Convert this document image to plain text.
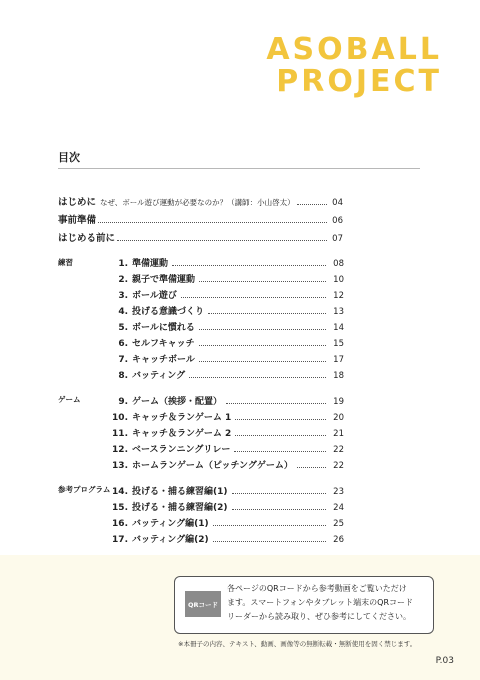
ASOBALL
PROJECT
目次
はじめに なぜ、ボール遊び運動が必要なのか？（講師：小山啓太）	04
事前準備	06
はじめる前に	07
練習	1. 準備運動	08
2. 親子で準備運動	10
3. ボール遊び	12
4. 投げる意識づくり	13
5. ボールに慣れる	14
6. セルフキャッチ	15
7. キャッチボール	17
8. バッティング	18
ゲーム	9. ゲーム（挨拶・配置）	19
10. キャッチ＆ランゲーム 1	20
11. キャッチ＆ランゲーム 2	21
12. ベースランニングリレー	22
13. ホームランゲーム（ピッチングゲーム）	22
参考プログラム 14. 投げる・捕る練習編(1)	23
15. 投げる・捕る練習編(2)	24
16. バッティング編(1)	25
17. バッティング編(2)	26
QRコード
各ページのQRコードから参考動画をご覧いただけ
ます。スマートフォンやタブレット端末のQRコード
リーダーから読み取り、ぜひ参考にしてください。
※本冊子の内容、テキスト、動画、画像等の無断転載・無断使用を固く禁じます。
P.03
